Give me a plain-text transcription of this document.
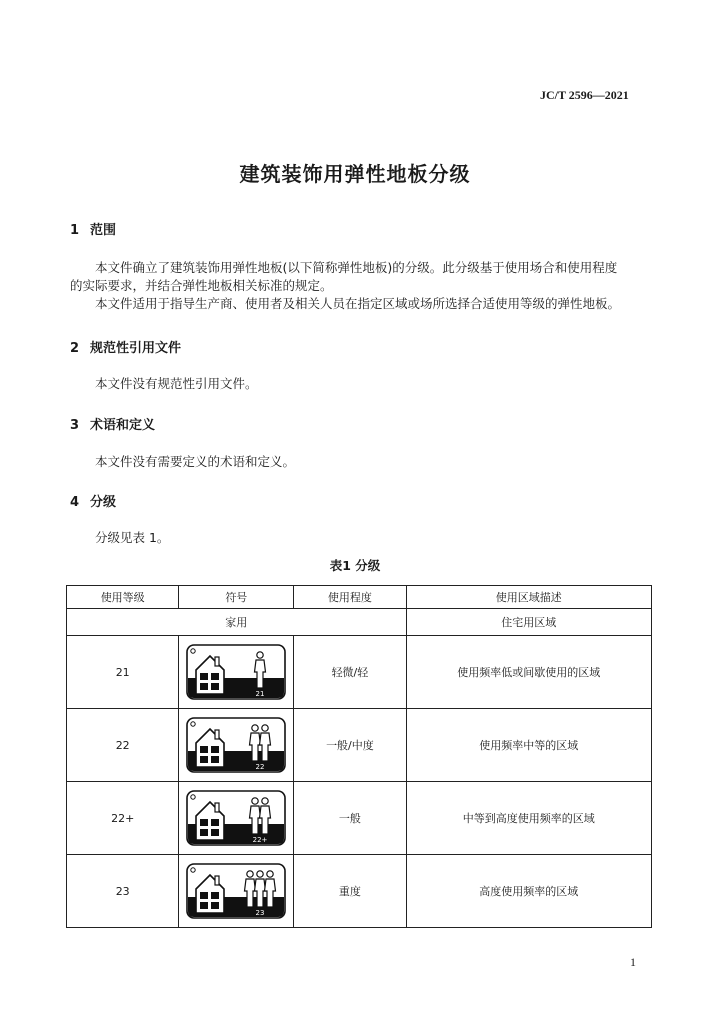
JC/T 2596—2021
建筑装饰用弹性地板分级
1 范围
本文件确立了建筑装饰用弹性地板(以下简称弹性地板)的分级。此分级基于使用场合和使用程度
的实际要求，并结合弹性地板相关标准的规定。
本文件适用于指导生产商、使用者及相关人员在指定区域或场所选择合适使用等级的弹性地板。
2 规范性引用文件
本文件没有规范性引用文件。
3 术语和定义
本文件没有需要定义的术语和定义。
4 分级
分级见表 1。
表1 分级
使用等级	符号	使用程度	使用区域描述
家用			住宅用区域
21	21	轻微/轻	使用频率低或间歇使用的区域
22	22	一般/中度	使用频率中等的区域
22+	22+	一般	中等到高度使用频率的区域
23	23	重度	高度使用频率的区域
1
